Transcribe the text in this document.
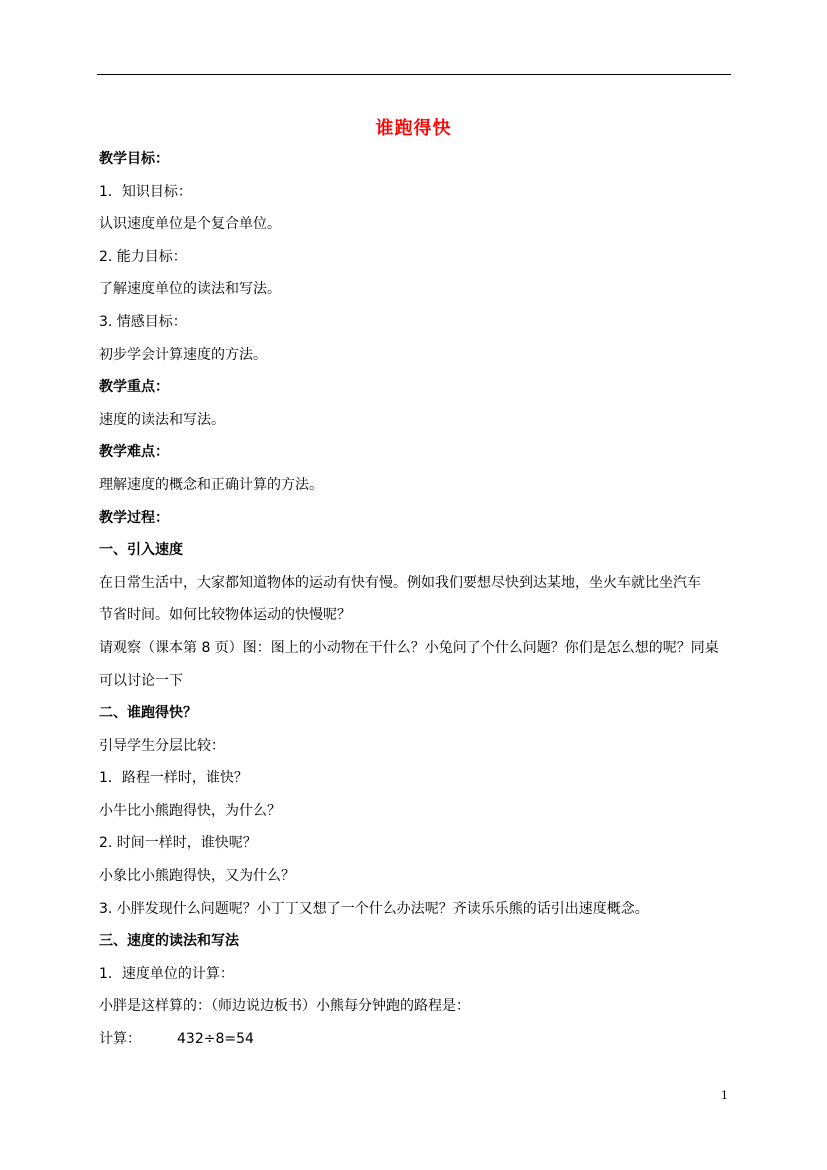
谁跑得快
教学目标：
1．知识目标：
认识速度单位是个复合单位。
2. 能力目标：
了解速度单位的读法和写法。
3. 情感目标：
初步学会计算速度的方法。
教学重点：
速度的读法和写法。
教学难点：
理解速度的概念和正确计算的方法。
教学过程：
一、引入速度
在日常生活中，大家都知道物体的运动有快有慢。例如我们要想尽快到达某地，坐火车就比坐汽车
节省时间。如何比较物体运动的快慢呢？
请观察（课本第 8 页）图：图上的小动物在干什么？小兔问了个什么问题？你们是怎么想的呢？同桌
可以讨论一下
二、谁跑得快？
引导学生分层比较：
1．路程一样时，谁快？
小牛比小熊跑得快，为什么？
2. 时间一样时，谁快呢？
小象比小熊跑得快，又为什么？
3. 小胖发现什么问题呢？小丁丁又想了一个什么办法呢？齐读乐乐熊的话引出速度概念。
三、速度的读法和写法
1．速度单位的计算：
小胖是这样算的：（师边说边板书）小熊每分钟跑的路程是：
计算：	432÷8=54
1
